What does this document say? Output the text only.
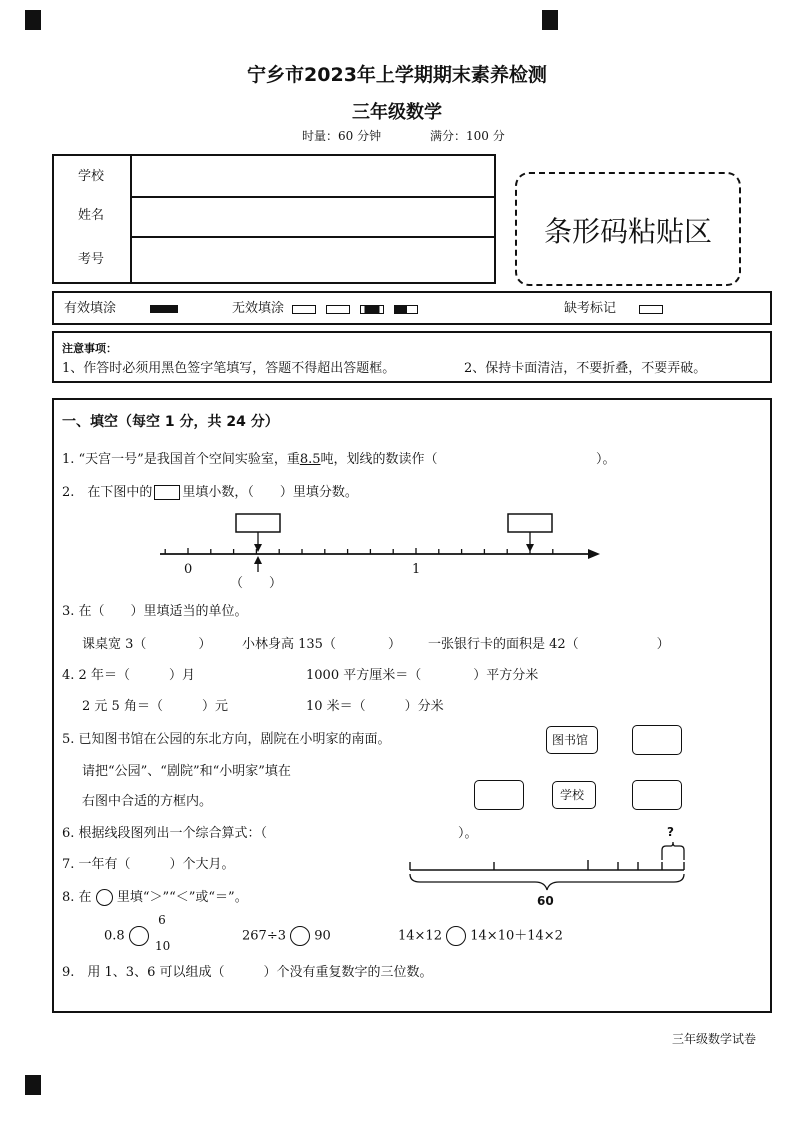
宁乡市2023年上学期期末素养检测
三年级数学
时量：60 分钟	满分：100 分
学校
姓名
考号
条形码粘贴区
有效填涂	无效填涂	缺考标记
注意事项：
1、作答时必须用黑色签字笔填写，答题不得超出答题框。	2、保持卡面清洁，不要折叠，不要弄破。
一、填空（每空 1 分，共 24 分）
1. “天宫一号”是我国首个空间实验室，重8.5吨，划线的数读作（	）。
2.　在下图中的 里填小数，（　　）里填分数。
0	1
（　　）
3. 在（　　）里填适当的单位。
课桌宽 3（　　　　） 小林身高 135（　　　　） 一张银行卡的面积是 42（　　　　　　）
4. 2 年＝（　　　）月	1000 平方厘米＝（　　　　）平方分米
2 元 5 角＝（　　　）元	10 米＝（　　　）分米
5. 已知图书馆在公园的东北方向，剧院在小明家的南面。
请把“公园”、“剧院”和“小明家”填在
右图中合适的方框内。
图书馆
学校
6. 根据线段图列出一个综合算式：（	）。
7. 一年有（　　　）个大月。
?
60
8. 在 里填“＞”“＜”或“＝”。
0.8
6
10
267÷3 90	14×12 14×10＋14×2
9.　用 1、3、6 可以组成（　　　）个没有重复数字的三位数。
三年级数学试卷
